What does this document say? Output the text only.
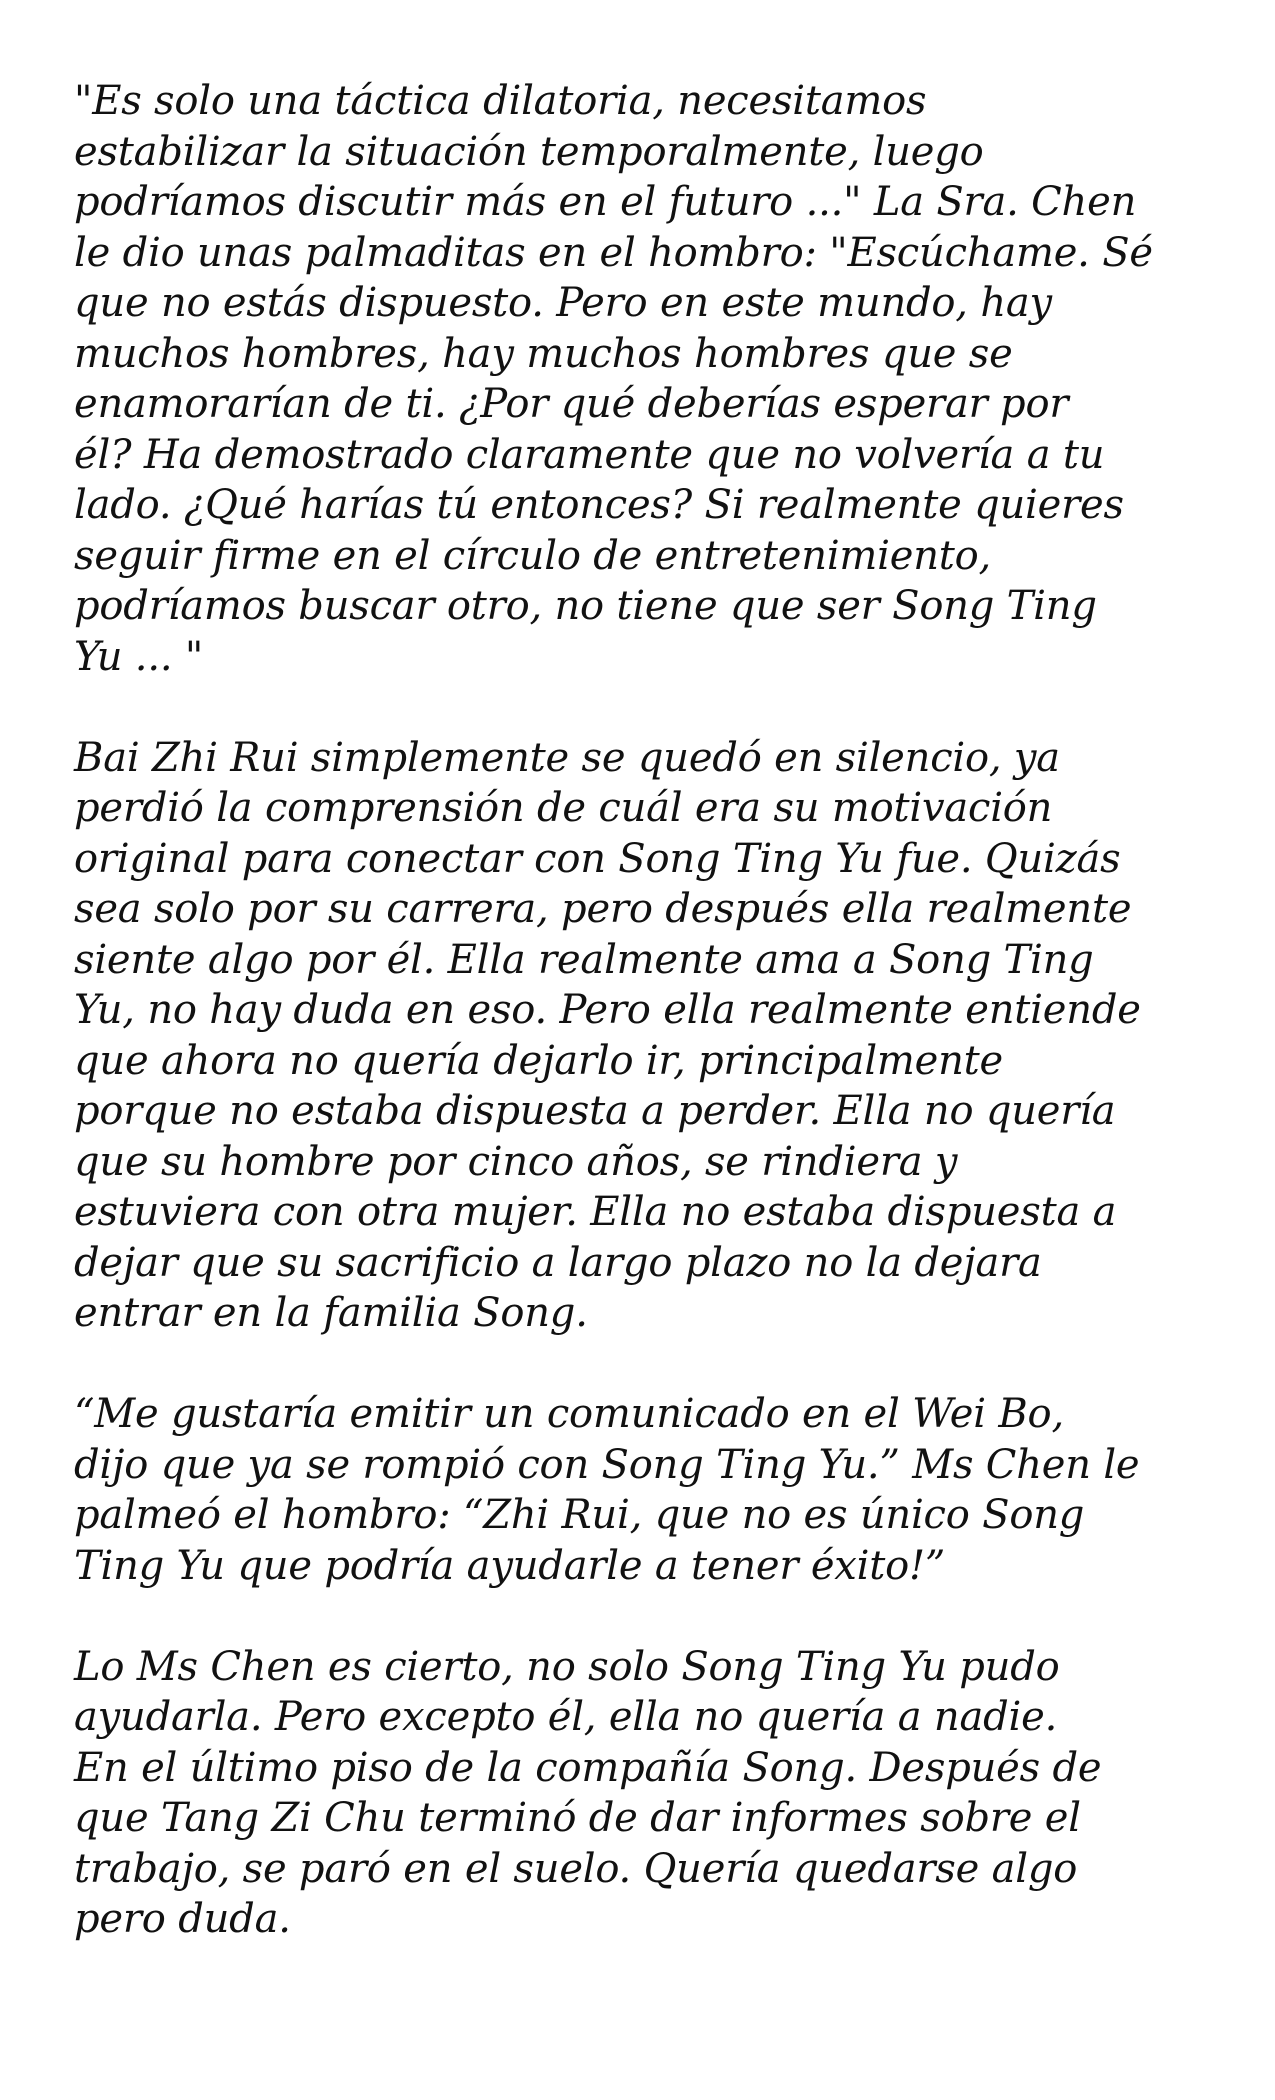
"Es solo una táctica dilatoria, necesitamos
estabilizar la situación temporalmente, luego
podríamos discutir más en el futuro ..." La Sra. Chen
le dio unas palmaditas en el hombro: "Escúchame. Sé
que no estás dispuesto. Pero en este mundo, hay
muchos hombres, hay muchos hombres que se
enamorarían de ti. ¿Por qué deberías esperar por
él? Ha demostrado claramente que no volvería a tu
lado. ¿Qué harías tú entonces? Si realmente quieres
seguir firme en el círculo de entretenimiento,
podríamos buscar otro, no tiene que ser Song Ting
Yu ... "
Bai Zhi Rui simplemente se quedó en silencio, ya
perdió la comprensión de cuál era su motivación
original para conectar con Song Ting Yu fue. Quizás
sea solo por su carrera, pero después ella realmente
siente algo por él. Ella realmente ama a Song Ting
Yu, no hay duda en eso. Pero ella realmente entiende
que ahora no quería dejarlo ir, principalmente
porque no estaba dispuesta a perder. Ella no quería
que su hombre por cinco años, se rindiera y
estuviera con otra mujer. Ella no estaba dispuesta a
dejar que su sacrificio a largo plazo no la dejara
entrar en la familia Song.
“Me gustaría emitir un comunicado en el Wei Bo,
dijo que ya se rompió con Song Ting Yu.” Ms Chen le
palmeó el hombro: “Zhi Rui, que no es único Song
Ting Yu que podría ayudarle a tener éxito!”
Lo Ms Chen es cierto, no solo Song Ting Yu pudo
ayudarla. Pero excepto él, ella no quería a nadie.
En el último piso de la compañía Song. Después de
que Tang Zi Chu terminó de dar informes sobre el
trabajo, se paró en el suelo. Quería quedarse algo
pero duda.
